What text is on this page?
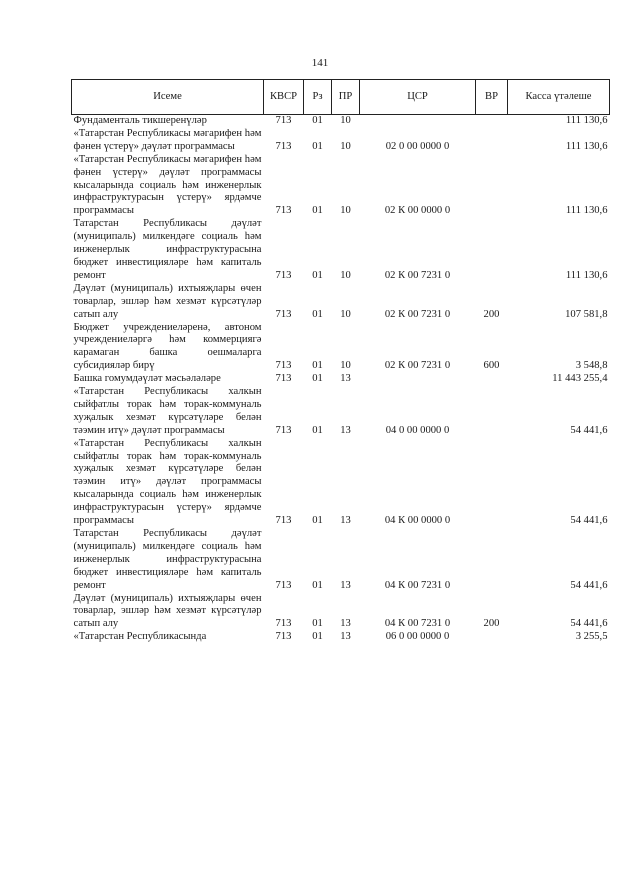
141
Исеме	КВСР	Рз	ПР	ЦСР	ВР	Касса үтәлеше
Фундаменталь тикшеренүләр	713	01	10			111 130,6
«Татарстан Республикасы мәгарифен һәм фәнен үстерү» дәүләт программасы	713	01	10	02 0 00 0000 0		111 130,6
«Татарстан Республикасы мәгарифен һәм фәнен үстерү» дәүләт программасы кысаларында социаль һәм инженерлык инфраструктурасын үстерү» ярдәмче программасы	713	01	10	02 К 00 0000 0		111 130,6
Татарстан Республикасы дәүләт (муниципаль) милкендәге социаль һәм инженерлык инфраструктурасына бюджет инвестицияләре һәм капиталь ремонт	713	01	10	02 К 00 7231 0		111 130,6
Дәүләт (муниципаль) ихтыяҗлары өчен товарлар, эшләр һәм хезмәт күрсәтүләр сатып алу	713	01	10	02 К 00 7231 0	200	107 581,8
Бюджет учреждениеләренә, автоном учреждениеләргә һәм коммерциягә карамаган башка оешмаларга субсидияләр бирү	713	01	10	02 К 00 7231 0	600	3 548,8
Башка гомумдәүләт мәсьәләләре	713	01	13			11 443 255,4
«Татарстан Республикасы халкын сыйфатлы торак һәм торак-коммуналь хуҗалык хезмәт күрсәтүләре белән тәэмин итү» дәүләт программасы	713	01	13	04 0 00 0000 0		54 441,6
«Татарстан Республикасы халкын сыйфатлы торак һәм торак-коммуналь хуҗалык хезмәт күрсәтүләре белән тәэмин итү» дәүләт программасы кысаларында социаль һәм инженерлык инфраструктурасын үстерү» ярдәмче программасы	713	01	13	04 К 00 0000 0		54 441,6
Татарстан Республикасы дәүләт (муниципаль) милкендәге социаль һәм инженерлык инфраструктурасына бюджет инвестицияләре һәм капиталь ремонт	713	01	13	04 К 00 7231 0		54 441,6
Дәүләт (муниципаль) ихтыяҗлары өчен товарлар, эшләр һәм хезмәт күрсәтүләр сатып алу	713	01	13	04 К 00 7231 0	200	54 441,6
«Татарстан Республикасында	713	01	13	06 0 00 0000 0		3 255,5
